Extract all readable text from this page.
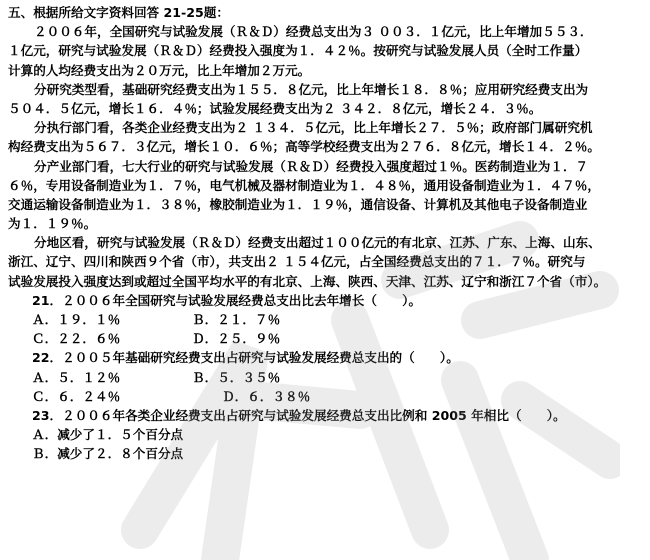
五、根据所给文字资料回答 21-25题：
２００６年，全国研究与试验发展（Ｒ＆Ｄ）经费总支出为３ ００３．１亿元，比上年增加５５３．
１亿元，研究与试验发展（Ｒ＆Ｄ）经费投入强度为１．４２％。按研究与试验发展人员（全时工作量）
计算的人均经费支出为２０万元，比上年增加２万元。
分研究类型看，基础研究经费支出为１５５．８亿元，比上年增长１８．８％；应用研究经费支出为
５０４．５亿元，增长１６．４％；试验发展经费支出为２ ３４２．８亿元，增长２４．３％。
分执行部门看，各类企业经费支出为２ １３４．５亿元，比上年增长２７．５％；政府部门属研究机
构经费支出为５６７．３亿元，增长１０．６％；高等学校经费支出为２７６．８亿元，增长１４．２％。
分产业部门看，七大行业的研究与试验发展（Ｒ＆Ｄ）经费投入强度超过１％。医药制造业为１．７
６％，专用设备制造业为１．７％，电气机械及器材制造业为１．４８％，通用设备制造业为１．４７％，
交通运输设备制造业为１．３８％，橡胶制造业为１．１９％，通信设备、计算机及其他电子设备制造业
为１．１９％。
分地区看，研究与试验发展（Ｒ＆Ｄ）经费支出超过１００亿元的有北京、江苏、广东、上海、山东、
浙江、辽宁、四川和陕西９个省（市），共支出２ １５４亿元，占全国经费总支出的７１．７％。研究与
试验发展投入强度达到或超过全国平均水平的有北京、上海、陕西、天津、江苏、辽宁和浙江７个省（市）。
21．２００６年全国研究与试验发展经费总支出比去年增长（　　）。
Ａ．１９．１％	Ｂ．２１．７％
Ｃ．２２．６％	Ｄ．２５．９％
22．２００５年基础研究经费支出占研究与试验发展经费总支出的（　　）。
Ａ．５．１２％	Ｂ．５．３５％
Ｃ．６．２４％	Ｄ．６．３８％
23．２００６年各类企业经费支出占研究与试验发展经费总支出比例和 2005 年相比（　　）。
Ａ．减少了１．５个百分点
Ｂ．减少了２．８个百分点
